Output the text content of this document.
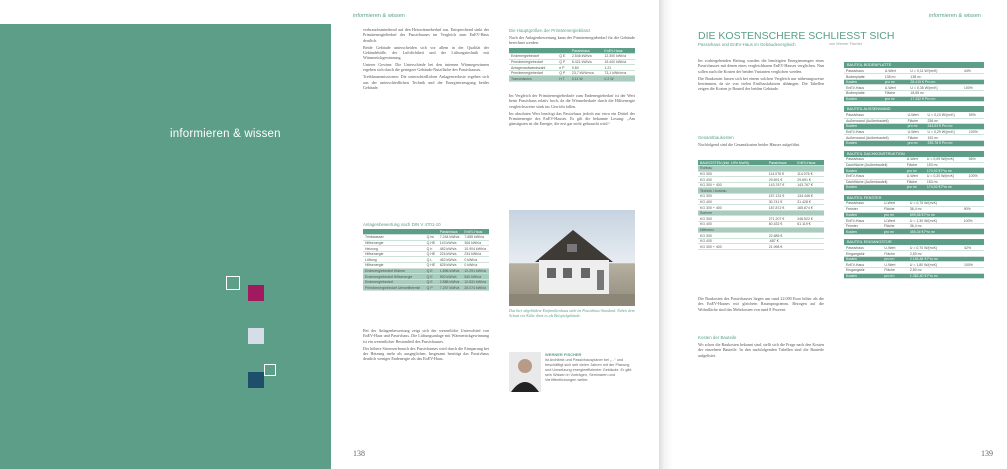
informieren & wissen
informieren & wissen

verbrauchsmindernd auf den Heizwärmebedarf aus. Entsprechend sinkt der Primärenergiebedarf des Passivhauses im Vergleich zum EnEV-Haus deutlich.

Beide Gebäude unterscheiden sich vor allem in der Qualität der Gebäudehülle, der Luftdichtheit und der Lüftungstechnik mit Wärmerückgewinnung.

Unterer Gewinn: Die Unterschiede bei den internen Wärmegewinnen ergeben sich durch die geringere Gebäude-Nutzfläche des Passivhauses.

Treibhausemissionen: Die unterschiedlichen Anlagenverluste ergeben sich aus der unterschiedlichen Technik und der Energieerzeugung beider Gebäude.

Anlagenbewertung nach DIN V 4701-10
		Passivhaus	EnEV-Haus
Trinkwasser	Q tw	7.244 kWh/a	7.685 kWh/a
Hilfsenergie	Q HE	143 kWh/a	306 kWh/a
Heizung	Q h	482 kWh/a	10.904 kWh/a
Hilfsenergie	Q HE	224 kWh/a	234 kWh/a
Lüftung	Q L	452 kWh/a	0 kWh/a
Hilfsenergie	Q HE	625 kWh/a	0 kWh/a
Endenergiebedarf Wärme	Q E	1.896 kWh/a	12.291 kWh/a
Endenergiebedarf Hilfsenergie	Q E	992 kWh/a	540 kWh/a
Endenergiebedarf	Q E	2.888 kWh/a	12.831 kWh/a
Primärenergiebedarf Umwelthermie	Q P	7.257 kWh/a	25.074 kWh/a

Bei der Anlagenbewertung zeigt sich der wesentliche Unterschied von EnEV-Haus und Passivhaus. Die Lüftungsanlage mit Wärmerückgewinnung ist ein wesentlicher Bestandteil des Passivhauses.

Der höhere Stromverbrauch des Passivhauses wird durch die Einsparung bei der Heizung mehr als ausgeglichen. Insgesamt benötigt das Passivhaus deutlich weniger Endenergie als das EnEV-Haus.

Die Hauptgrößen der Primärenergiebilanz
Nach der Anlagenbewertung kann der Primärenergiebedarf für die Gebäude berechnet werden.
		Passivhaus	EnEV-Haus
Endenergiebedarf	Q E	2.546 kWh/a	12.300 kWh/a
Primärenergiebedarf	Q P	6.421 kWh/a	15.400 kWh/a
Anlagenaufwandszahl	e P	0,84	1,21
Primärenergiebedarf	Q P	23,7 kWh/m²a	73,1 kWh/m²a
Transmission	H T	0,11 W	0,2 W

Im Vergleich der Primärenergiebedarfe zum Endenergiebedarf ist der Wert beim Passivhaus relativ hoch, da die Wärmebedarfe durch die Hilfsenergie vergleichsweise stark ins Gewicht fallen.

Im absoluten Wert benötigt das Passivhaus jedoch nur etwa ein Drittel der Primärenergie des EnEV-Hauses. Es gilt die bekannte Losung: „Am günstigsten ist die Energie, die erst gar nicht gebraucht wird.“

Das hier abgebildete Einfamilienhaus steht im Passivhaus-Standard. Neben dem Schutz vor Kälte dient es als Beispielgebäude.
WERNER FISCHER
ist Architekt und Passivhausplaner bei „...“ und beschäftigt sich seit vielen Jahren mit der Planung und Umsetzung energieeffizienter Gebäude. Er gibt sein Wissen in Vorträgen, Seminaren und Veröffentlichungen weiter.
138
informieren & wissen
DIE KOSTENSCHERE SCHLIESST SICH
Passivhaus und EnEV-Haus im Gebäudevergleich	von Werner Fischer

Im vorhergehenden Beitrag wurden die benötigten Energiemengen eines Passivhauses mit denen eines vergleichbaren EnEV-Hauses verglichen. Nun sollen auch die Kosten der beiden Varianten verglichen werden.

Die Baukosten lassen sich bei einem solchen Vergleich nur näherungsweise bestimmen, da sie von vielen Einflussfaktoren abhängen. Die Tabellen zeigen die Kosten je Bauteil der beiden Gebäude.

Gesamtbaukosten
Nachfolgend sind die Gesamtkosten beider Häuser aufgeführt.
BAUKOSTEN (inkl. 19% MwSt)	Passivhaus	EnEV-Haus
Rohbau		
KG 300	114.076 €	114.076 €
KG 400	29.691 €	29.691 €
KG 300 + 400	143.767 €	143.767 €
Technik / Ausbau		
KG 300	157.131 €	134.446 €
KG 400	30.741 €	31.428 €
KG 300 + 400	187.872 €	165.874 €
Summe		
KG 300	271.207 €	248.522 €
KG 400	60.432 €	61.119 €
Differenz		
KG 300	22.685 €	
KG 400	-687 €	
KG 300 + 400	21.998 €	
Die Baukosten des Passivhauses liegen um rund 22.000 Euro höher als die des EnEV-Hauses mit gleichem Raumprogramm. Bezogen auf die Wohnfläche sind das Mehrkosten von rund 8 Prozent.
Kosten der Bauteile
Wo schon die Baukosten bekannt sind, stellt sich die Frage nach den Kosten der einzelnen Bauteile. In den nachfolgenden Tabellen sind die Bauteile aufgelistet.
BAUTEIL BODENPLATTE
Passivhaus	U-Wert	U = 0,11 W/(m²K)	44%
Bodenplatte	138 m²	138 m²	
Kosten	pro m²	28.415 € Pro m²	
EnEV-Haus	U-Wert	U = 0,35 W/(m²K)	100%
Bodenplatte	Fläche	18,55 m²	
Kosten	pro m²	17.432 € Pro m²	
BAUTEIL AUSSENWAND
Passivhaus	U-Wert	U = 0,10 W/(m²K)	59%
Außenwand (Außenbauteil)	Fläche	236 m²	
Kosten	pro m²	244,53 € Pro m²	
EnEV-Haus	U-Wert	U = 0,29 W/(m²K)	100%
Außenwand (Außenbauteil)	Fläche	192 m²	
Kosten	pro m²	235,78 € Pro m²	
BAUTEIL DACHKONSTRUKTION
Passivhaus	U-Wert	U = 0,09 W/(m²K)	56%
Dachfläche (Außenbauteil)	Fläche	153 m²	
Kosten	pro m²	174,92 € Pro m²	
EnEV-Haus	U-Wert	U = 0,20 W/(m²K)	100%
Dachfläche (Außenbauteil)	Fläche	153 m²	
Kosten	pro m²	174,92 € Pro m²	
BAUTEIL FENSTER
Passivhaus	U-Wert	U = 0,75 W/(m²K)	
Fenster	Fläche	36,4 m²	90%
Kosten	pro m²	699,36 € Pro m²	
EnEV-Haus	U-Wert	U = 1,30 W/(m²K)	100%
Fenster	Fläche	36,4 m²	
Kosten	pro m²	456,34 € Pro m²	
BAUTEIL EINGANGSTÜR
Passivhaus	U-Wert	U = 0,70 W/(m²K)	42%
Eingangstür	Fläche	2,50 m²	
Kosten	pro m²	2.164,84 € Pro m²	
EnEV-Haus	U-Wert	U = 1,80 W/(m²K)	100%
Eingangstür	Fläche	2,50 m²	
Kosten	pro m²	1.382,40 € Pro m²	
139
